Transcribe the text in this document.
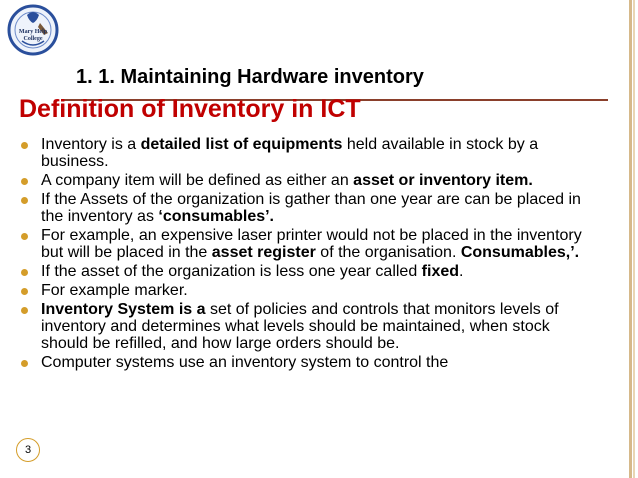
Mary Help
College
1. 1. Maintaining Hardware inventory
Definition of Inventory in ICT
Inventory is a detailed list of equipments held available in stock by a business.
A company item will be defined as either an asset or inventory item.
If the Assets of the organization is gather than one year are can be placed in the inventory as ‘consumables’.
For example, an expensive laser printer would not be placed in the inventory but will be placed in the asset register of the organisation. Consumables,’.
If the asset of the organization is less one year called fixed.
For example marker.
Inventory System is a set of policies and controls that monitors levels of inventory and determines what levels should be maintained, when stock should be refilled, and how large orders should be.
Computer systems use an inventory system to control the
3
